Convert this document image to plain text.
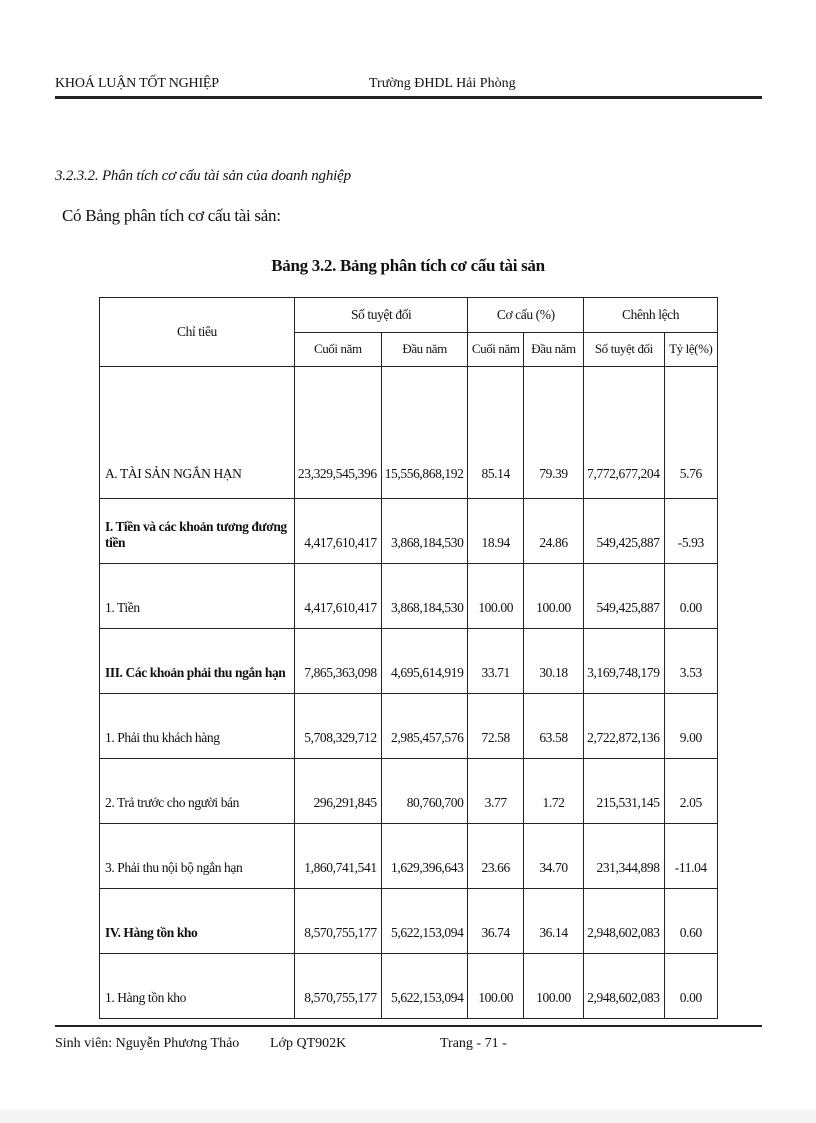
KHOÁ LUẬN TỐT NGHIỆP	Trường ĐHDL Hải Phòng
3.2.3.2. Phân tích cơ cấu tài sản của doanh nghiệp
Có Bảng phân tích cơ cấu tài sản:
Bảng 3.2. Bảng phân tích cơ cấu tài sản
Chỉ tiêu	Số tuyệt đối		Cơ cấu (%)		Chênh lệch	
	Cuối năm	Đầu năm	Cuối năm	Đầu năm	Số tuyệt đối	Tỷ lệ(%)
A. TÀI SẢN NGẮN HẠN	23,329,545,396	15,556,868,192	85.14	79.39	7,772,677,204	5.76
I. Tiền và các khoản tương đương tiền	4,417,610,417	3,868,184,530	18.94	24.86	549,425,887	-5.93
1. Tiền	4,417,610,417	3,868,184,530	100.00	100.00	549,425,887	0.00
III. Các khoản phải thu ngắn hạn	7,865,363,098	4,695,614,919	33.71	30.18	3,169,748,179	3.53
1. Phải thu khách hàng	5,708,329,712	2,985,457,576	72.58	63.58	2,722,872,136	9.00
2. Trả trước cho người bán	296,291,845	80,760,700	3.77	1.72	215,531,145	2.05
3. Phải thu nội bộ ngắn hạn	1,860,741,541	1,629,396,643	23.66	34.70	231,344,898	-11.04
IV. Hàng tồn kho	8,570,755,177	5,622,153,094	36.74	36.14	2,948,602,083	0.60
1. Hàng tồn kho	8,570,755,177	5,622,153,094	100.00	100.00	2,948,602,083	0.00
Sinh viên: Nguyễn Phương Thảo Lớp QT902K	Trang - 71 -
